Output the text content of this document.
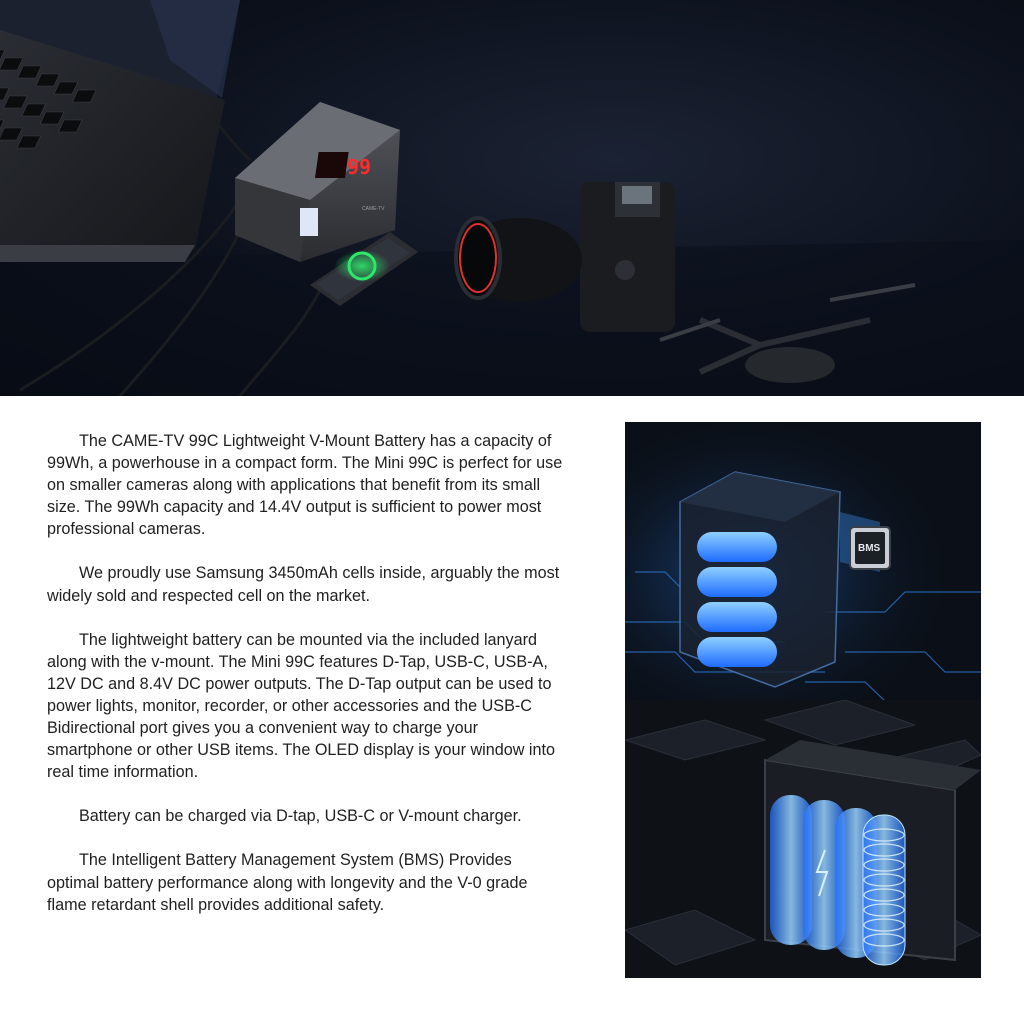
99
CAME-TV

The CAME-TV 99C Lightweight V-Mount Battery has a capacity of 99Wh, a powerhouse in a compact form. The Mini 99C is perfect for use on smaller cameras along with applications that benefit from its small size. The 99Wh capacity and 14.4V output is sufficient to power most professional cameras.

We proudly use Samsung 3450mAh cells inside, arguably the most widely sold and respected cell on the market.

The lightweight battery can be mounted via the included lanyard along with the v-mount. The Mini 99C features D-Tap, USB-C, USB-A, 12V DC and 8.4V DC power outputs. The D-Tap output can be used to power lights, monitor, recorder, or other accessories and the USB-C Bidirectional port gives you a convenient way to charge your smartphone or other USB items. The OLED display is your window into real time information.

Battery can be charged via D-tap, USB-C or V-mount charger.

The Intelligent Battery Management System (BMS) Provides optimal battery performance along with longevity and the V-0 grade flame retardant shell provides additional safety.

BMS
